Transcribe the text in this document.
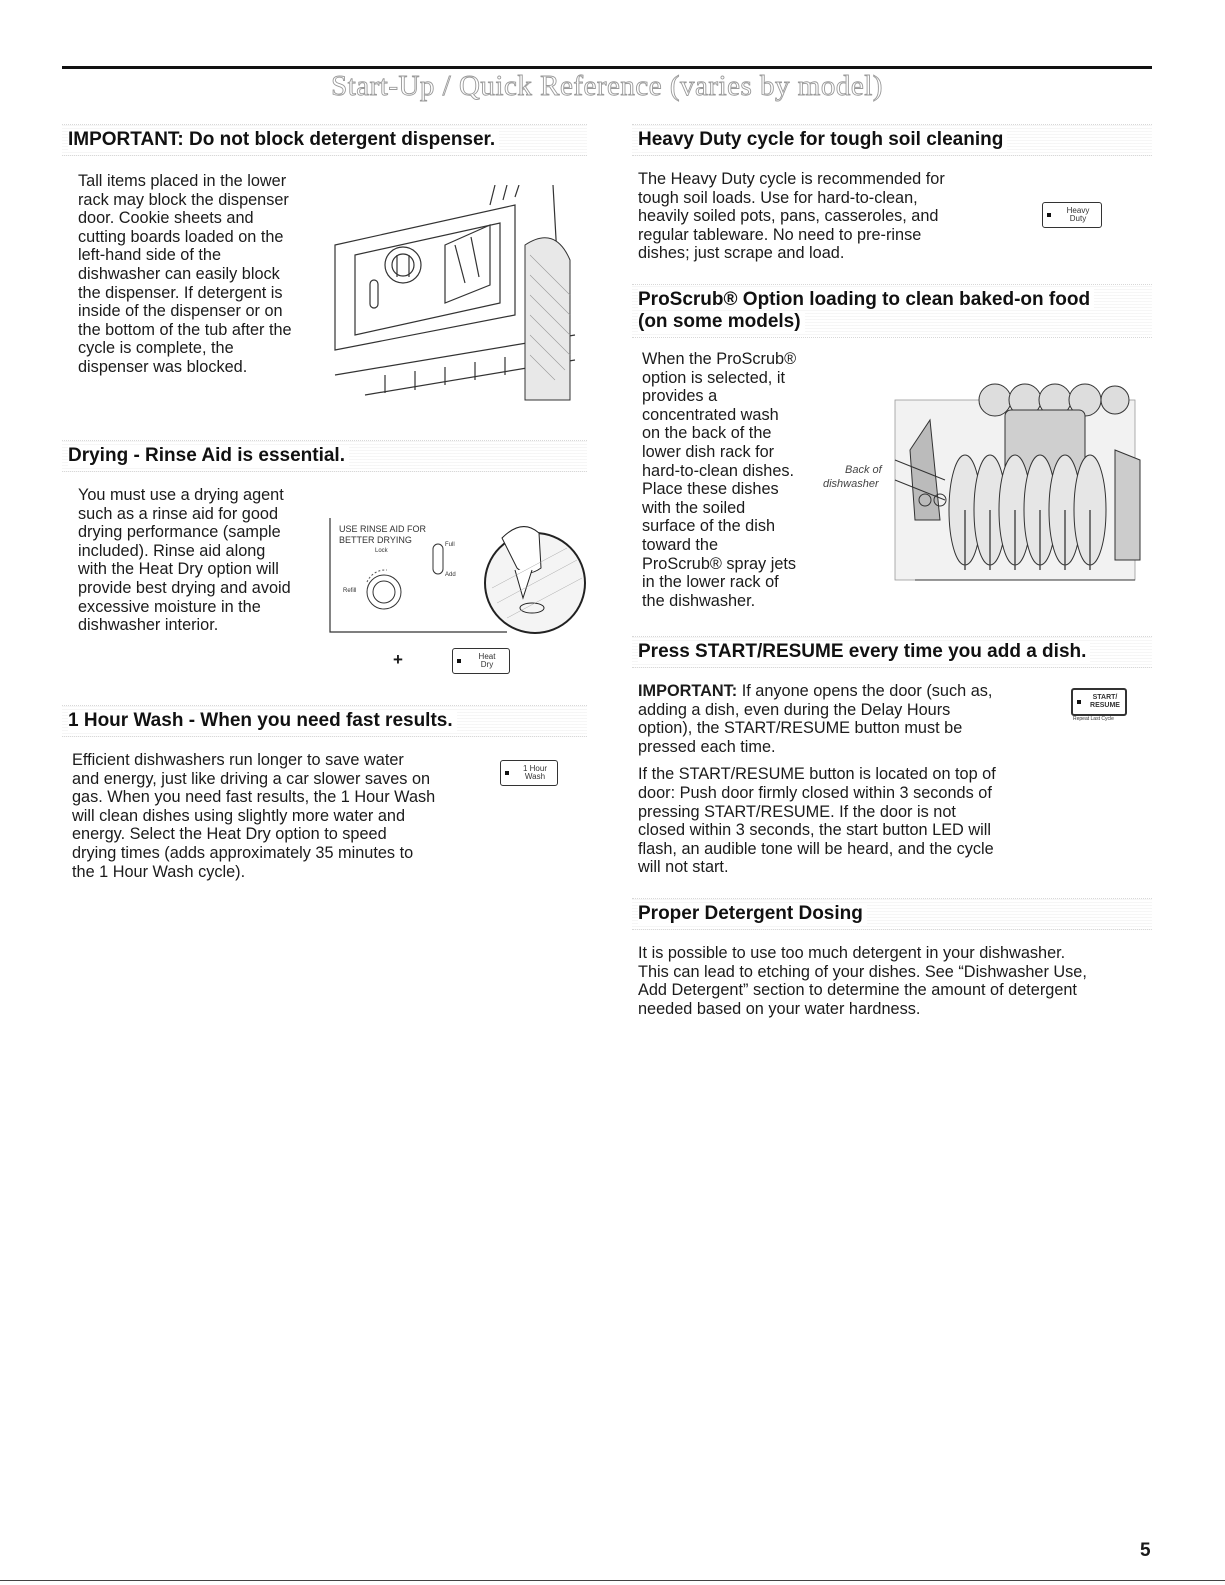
Start-Up / Quick Reference (varies by model)
IMPORTANT: Do not block detergent dispenser.
Tall items placed in the lower
rack may block the dispenser
door. Cookie sheets and
cutting boards loaded on the
left-hand side of the
dishwasher can easily block
the dispenser. If detergent is
inside of the dispenser or on
the bottom of the tub after the
cycle is complete, the
dispenser was blocked.
Drying - Rinse Aid is essential.
You must use a drying agent
such as a rinse aid for good
drying performance (sample
included). Rinse aid along
with the Heat Dry option will
provide best drying and avoid
excessive moisture in the
dishwasher interior.
USE RINSE AID FOR
BETTER DRYING
Lock
Full
Add
Refill
+	Heat
Dry
1 Hour Wash - When you need fast results.
Efficient dishwashers run longer to save water
and energy, just like driving a car slower saves on
gas. When you need fast results, the 1 Hour Wash
will clean dishes using slightly more water and
energy. Select the Heat Dry option to speed
drying times (adds approximately 35 minutes to
the 1 Hour Wash cycle).
1 Hour
Wash
Heavy Duty cycle for tough soil cleaning
The Heavy Duty cycle is recommended for
tough soil loads. Use for hard-to-clean,
heavily soiled pots, pans, casseroles, and
regular tableware. No need to pre-rinse
dishes; just scrape and load.
Heavy
Duty
ProScrub® Option loading to clean baked-on food
(on some models)
When the ProScrub®
option is selected, it
provides a
concentrated wash
on the back of the
lower dish rack for
hard-to-clean dishes.
Place these dishes
with the soiled
surface of the dish
toward the
ProScrub® spray jets
in the lower rack of
the dishwasher.
Back of
dishwasher
Press START/RESUME every time you add a dish.

IMPORTANT: If anyone opens the door (such as,
adding a dish, even during the Delay Hours
option), the START/RESUME button must be
pressed each time.

If the START/RESUME button is located on top of
door: Push door firmly closed within 3 seconds of
pressing START/RESUME. If the door is not
closed within 3 seconds, the start button LED will
flash, an audible tone will be heard, and the cycle
will not start.

START/
RESUME
Repeat Last Cycle
Proper Detergent Dosing
It is possible to use too much detergent in your dishwasher.
This can lead to etching of your dishes. See “Dishwasher Use,
Add Detergent” section to determine the amount of detergent
needed based on your water hardness.
5
